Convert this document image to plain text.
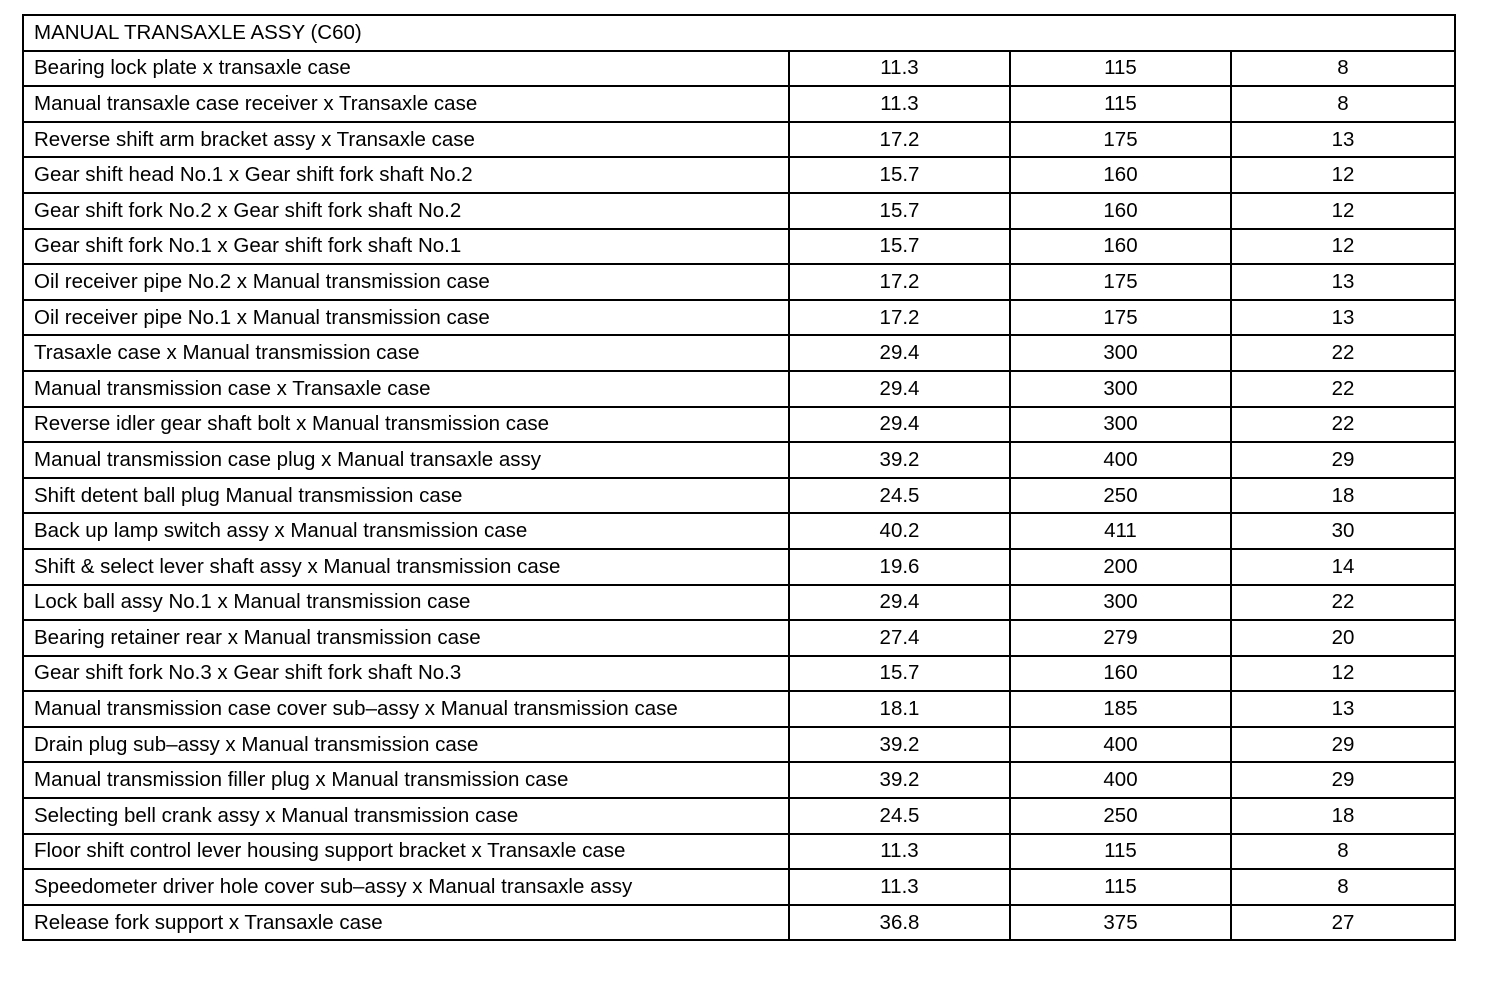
MANUAL TRANSAXLE ASSY (C60)			
Bearing lock plate x transaxle case	11.3	115	8
Manual transaxle case receiver x Transaxle case	11.3	115	8
Reverse shift arm bracket assy x Transaxle case	17.2	175	13
Gear shift head No.1 x Gear shift fork shaft No.2	15.7	160	12
Gear shift fork No.2 x Gear shift fork shaft No.2	15.7	160	12
Gear shift fork No.1 x Gear shift fork shaft No.1	15.7	160	12
Oil receiver pipe No.2 x Manual transmission case	17.2	175	13
Oil receiver pipe No.1 x Manual transmission case	17.2	175	13
Trasaxle case x Manual transmission case	29.4	300	22
Manual transmission case x Transaxle case	29.4	300	22
Reverse idler gear shaft bolt x Manual transmission case	29.4	300	22
Manual transmission case plug x Manual transaxle assy	39.2	400	29
Shift detent ball plug Manual transmission case	24.5	250	18
Back up lamp switch assy x Manual transmission case	40.2	411	30
Shift & select lever shaft assy x Manual transmission case	19.6	200	14
Lock ball assy No.1 x Manual transmission case	29.4	300	22
Bearing retainer rear x Manual transmission case	27.4	279	20
Gear shift fork No.3 x Gear shift fork shaft No.3	15.7	160	12
Manual transmission case cover sub–assy x Manual transmission case	18.1	185	13
Drain plug sub–assy x Manual transmission case	39.2	400	29
Manual transmission filler plug x Manual transmission case	39.2	400	29
Selecting bell crank assy x Manual transmission case	24.5	250	18
Floor shift control lever housing support bracket x Transaxle case	11.3	115	8
Speedometer driver hole cover sub–assy x Manual transaxle assy	11.3	115	8
Release fork support x Transaxle case	36.8	375	27
